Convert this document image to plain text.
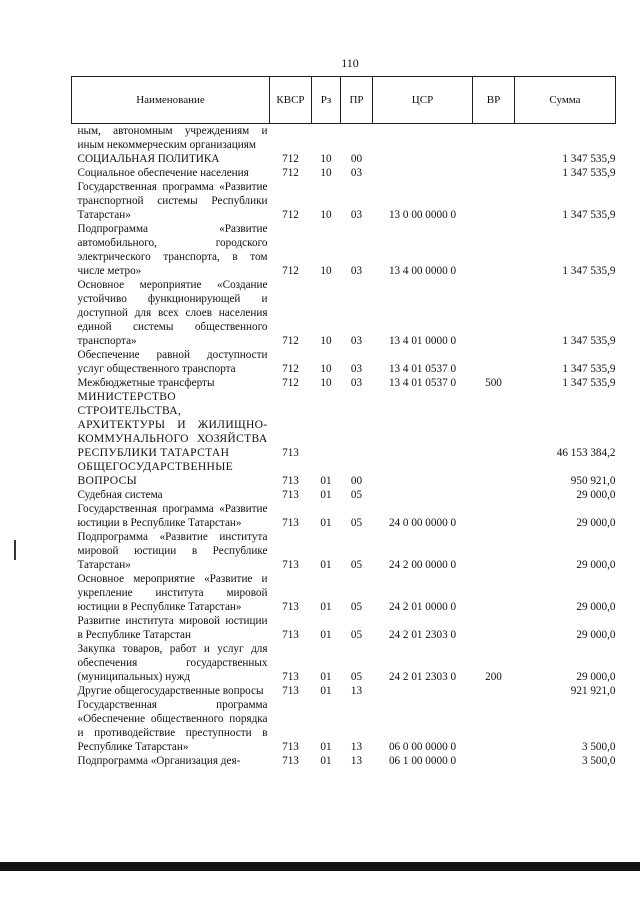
110
Наименование	КВСР	Рз	ПР	ЦСР	ВР	Сумма
ным, автономным учреждениям и иным некоммерческим организациям						
СОЦИАЛЬНАЯ ПОЛИТИКА	712	10	00			1 347 535,9
Социальное обеспечение населения	712	10	03			1 347 535,9
Государственная программа «Развитие транспортной системы Республики Татарстан»	712	10	03	13 0 00 0000 0		1 347 535,9
Подпрограмма «Развитие автомобильного, городского электрического транспорта, в том числе метро»	712	10	03	13 4 00 0000 0		1 347 535,9
Основное мероприятие «Создание устойчиво функционирующей и доступной для всех слоев населения единой системы общественного транспорта»	712	10	03	13 4 01 0000 0		1 347 535,9
Обеспечение равной доступности услуг общественного транспорта	712	10	03	13 4 01 0537 0		1 347 535,9
Межбюджетные трансферты	712	10	03	13 4 01 0537 0	500	1 347 535,9
МИНИСТЕРСТВО СТРОИТЕЛЬСТВА, АРХИТЕКТУРЫ И ЖИЛИЩНО-КОММУНАЛЬНОГО ХОЗЯЙСТВА РЕСПУБЛИКИ ТАТАРСТАН	713					46 153 384,2
ОБЩЕГОСУДАРСТВЕННЫЕ ВОПРОСЫ	713	01	00			950 921,0
Судебная система	713	01	05			29 000,0
Государственная программа «Развитие юстиции в Республике Татарстан»	713	01	05	24 0 00 0000 0		29 000,0
Подпрограмма «Развитие института мировой юстиции в Республике Татарстан»	713	01	05	24 2 00 0000 0		29 000,0
Основное мероприятие «Развитие и укрепление института мировой юстиции в Республике Татарстан»	713	01	05	24 2 01 0000 0		29 000,0
Развитие института мировой юстиции в Республике Татарстан	713	01	05	24 2 01 2303 0		29 000,0
Закупка товаров, работ и услуг для обеспечения государственных (муниципальных) нужд	713	01	05	24 2 01 2303 0	200	29 000,0
Другие общегосударственные вопросы	713	01	13			921 921,0
Государственная программа «Обеспечение общественного порядка и противодействие преступности в Республике Татарстан»	713	01	13	06 0 00 0000 0		3 500,0
Подпрограмма «Организация дея-	713	01	13	06 1 00 0000 0		3 500,0
